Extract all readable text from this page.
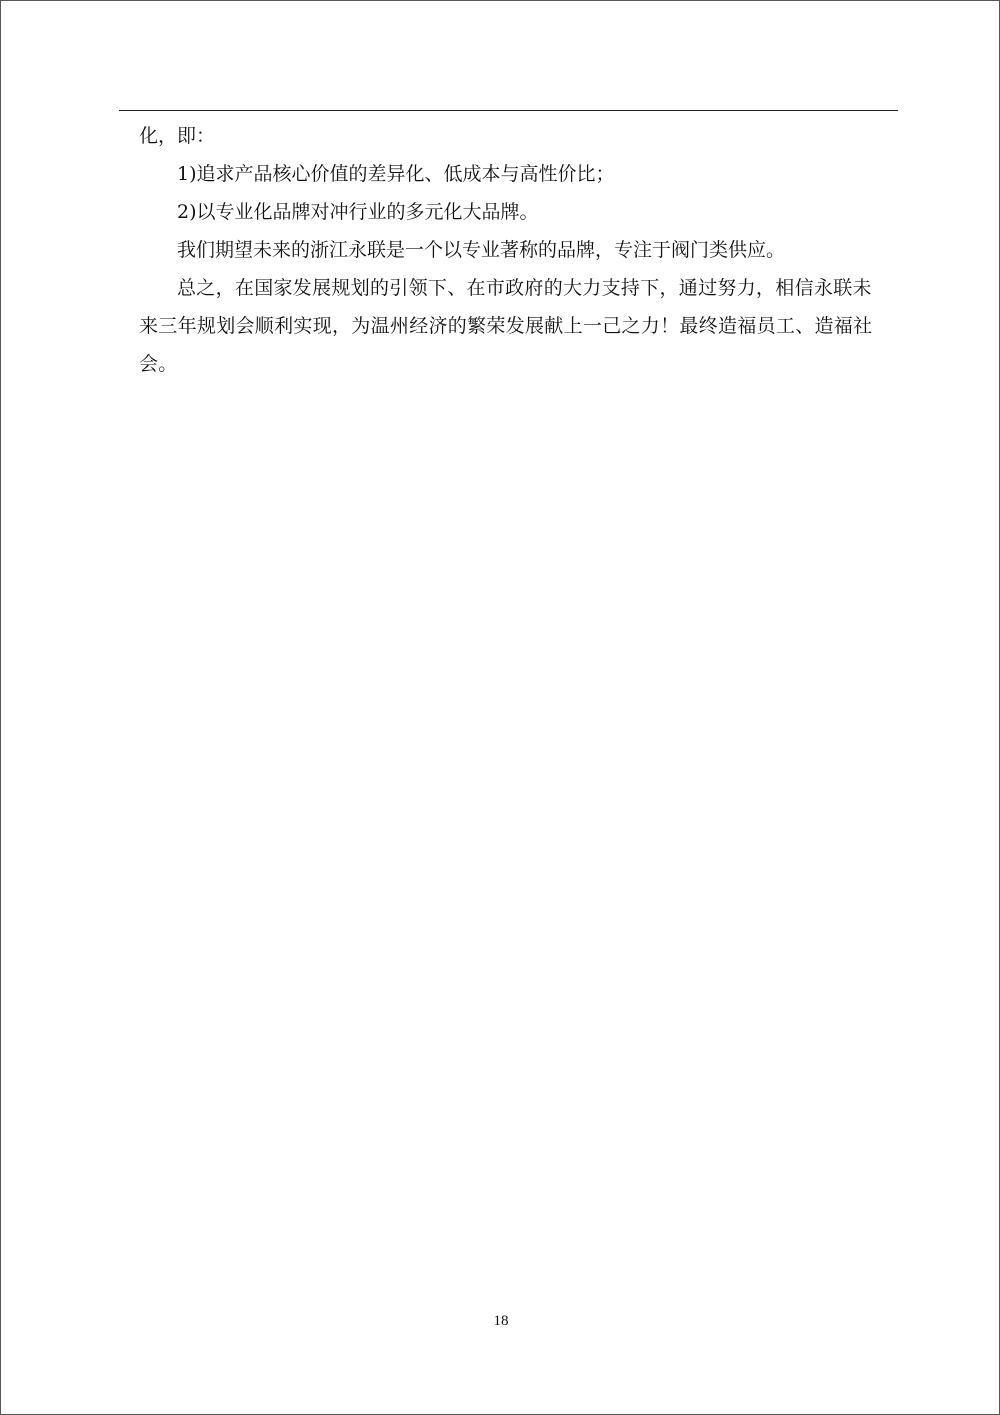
化，即：

1)追求产品核心价值的差异化、低成本与高性价比；

2)以专业化品牌对冲行业的多元化大品牌。

我们期望未来的浙江永联是一个以专业著称的品牌，专注于阀门类供应。

总之，在国家发展规划的引领下、在市政府的大力支持下，通过努力，相信永联未来三年规划会顺利实现，为温州经济的繁荣发展献上一己之力！最终造福员工、造福社会。

18
